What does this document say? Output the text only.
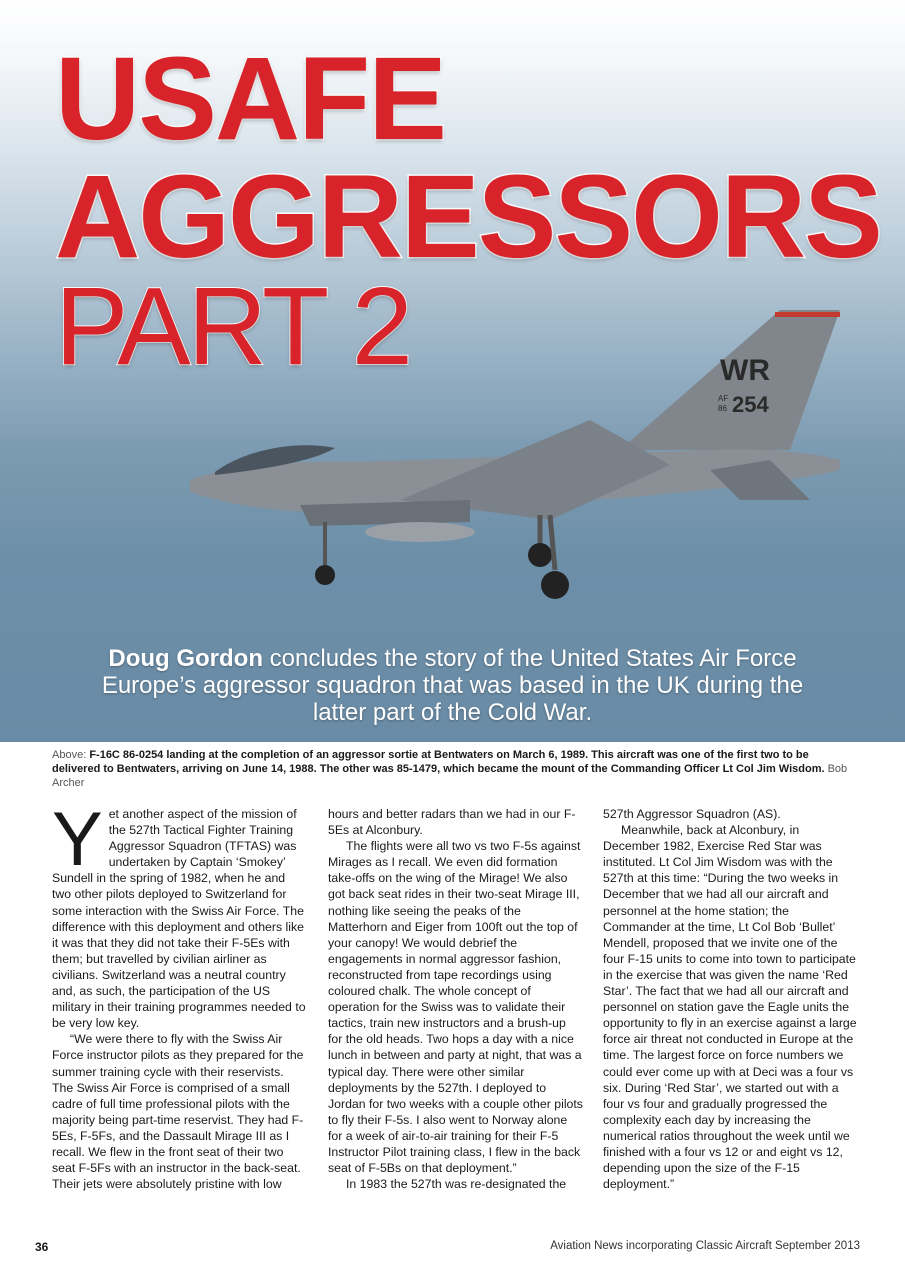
USAFE
AGGRESSORS
PART 2	WR
AF
86 254
Doug Gordon concludes the story of the United States Air Force Europe’s aggressor squadron that was based in the UK during the latter part of the Cold War.
Above: F-16C 86-0254 landing at the completion of an aggressor sortie at Bentwaters on March 6, 1989. This aircraft was one of the first two to be delivered to Bentwaters, arriving on June 14, 1988. The other was 85-1479, which became the mount of the Commanding Officer Lt Col Jim Wisdom. Bob Archer

Yet another aspect of the mission of the 527th Tactical Fighter Training Aggressor Squadron (TFTAS) was undertaken by Captain ‘Smokey’ Sundell in the spring of 1982, when he and two other pilots deployed to Switzerland for some interaction with the Swiss Air Force. The difference with this deployment and others like it was that they did not take their F-5Es with them; but travelled by civilian airliner as civilians. Switzerland was a neutral country and, as such, the participation of the US military in their training programmes needed to be very low key.

“We were there to fly with the Swiss Air Force instructor pilots as they prepared for the summer training cycle with their reservists. The Swiss Air Force is comprised of a small cadre of full time professional pilots with the majority being part-time reservist. They had F-5Es, F-5Fs, and the Dassault Mirage III as I recall. We flew in the front seat of their two seat F-5Fs with an instructor in the back-seat. Their jets were absolutely pristine with low

hours and better radars than we had in our F-5Es at Alconbury.

The flights were all two vs two F-5s against Mirages as I recall. We even did formation take-offs on the wing of the Mirage! We also got back seat rides in their two-seat Mirage III, nothing like seeing the peaks of the Matterhorn and Eiger from 100ft out the top of your canopy! We would debrief the engagements in normal aggressor fashion, reconstructed from tape recordings using coloured chalk. The whole concept of operation for the Swiss was to validate their tactics, train new instructors and a brush-up for the old heads. Two hops a day with a nice lunch in between and party at night, that was a typical day. There were other similar deployments by the 527th. I deployed to Jordan for two weeks with a couple other pilots to fly their F-5s. I also went to Norway alone for a week of air-to-air training for their F-5 Instructor Pilot training class, I flew in the back seat of F-5Bs on that deployment.”

In 1983 the 527th was re-designated the

527th Aggressor Squadron (AS).

Meanwhile, back at Alconbury, in December 1982, Exercise Red Star was instituted. Lt Col Jim Wisdom was with the 527th at this time: “During the two weeks in December that we had all our aircraft and personnel at the home station; the Commander at the time, Lt Col Bob ‘Bullet’ Mendell, proposed that we invite one of the four F-15 units to come into town to participate in the exercise that was given the name ‘Red Star’. The fact that we had all our aircraft and personnel on station gave the Eagle units the opportunity to fly in an exercise against a large force air threat not conducted in Europe at the time. The largest force on force numbers we could ever come up with at Deci was a four vs six. During ‘Red Star’, we started out with a four vs four and gradually progressed the complexity each day by increasing the numerical ratios throughout the week until we finished with a four vs 12 or and eight vs 12, depending upon the size of the F-15 deployment.”

36	Aviation News incorporating Classic Aircraft September 2013
